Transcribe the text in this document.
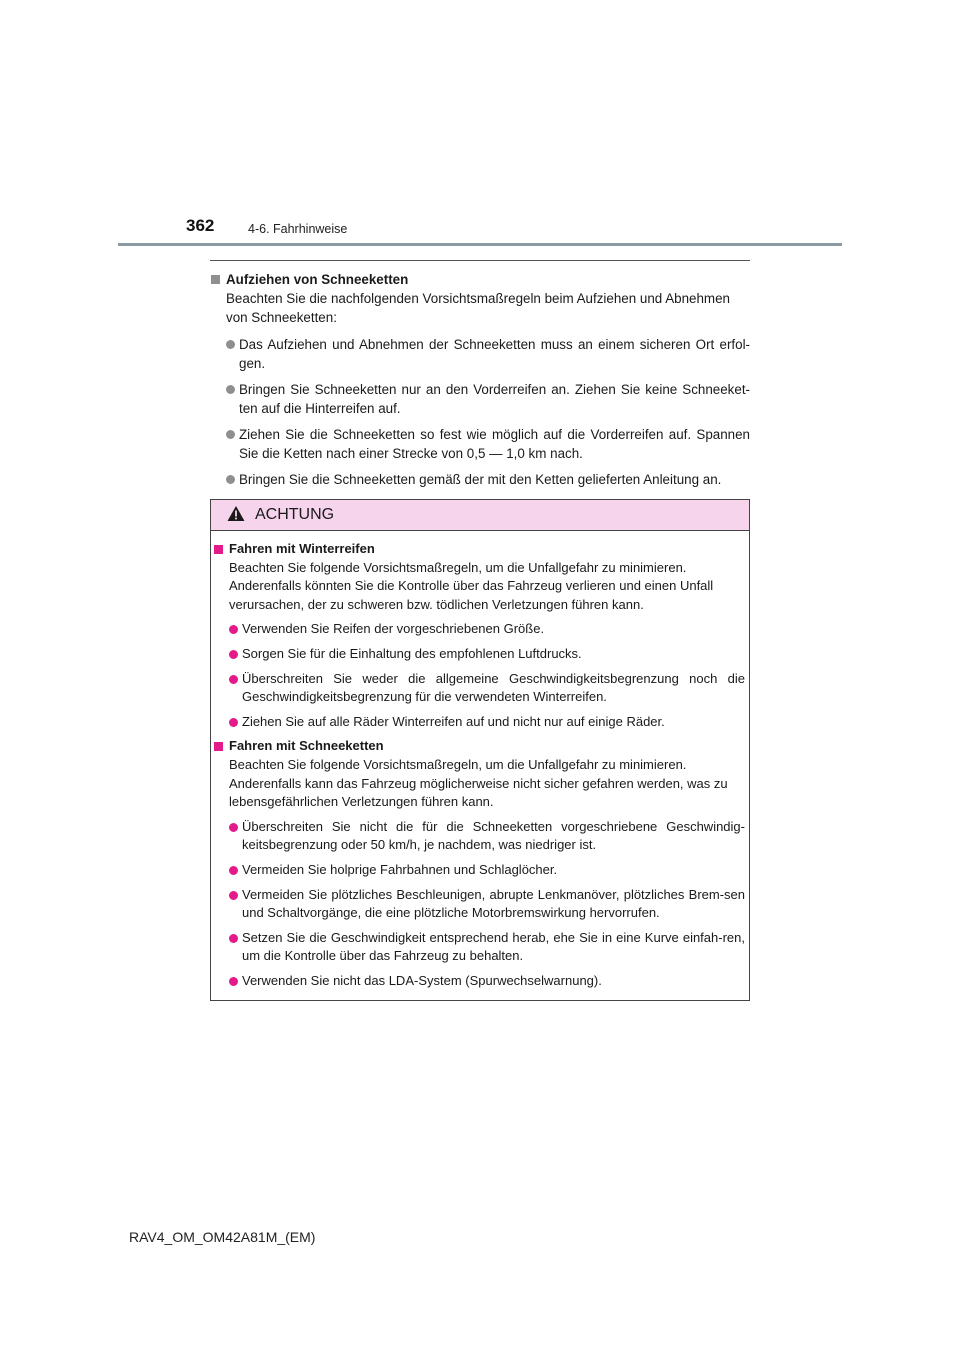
362	4-6. Fahrhinweise
Aufziehen von Schneeketten
Beachten Sie die nachfolgenden Vorsichtsmaßregeln beim Aufziehen und Abnehmen von Schneeketten:
Das Aufziehen und Abnehmen der Schneeketten muss an einem sicheren Ort erfol-gen.
Bringen Sie Schneeketten nur an den Vorderreifen an. Ziehen Sie keine Schneeket-ten auf die Hinterreifen auf.
Ziehen Sie die Schneeketten so fest wie möglich auf die Vorderreifen auf. Spannen Sie die Ketten nach einer Strecke von 0,5 — 1,0 km nach.
Bringen Sie die Schneeketten gemäß der mit den Ketten gelieferten Anleitung an.
ACHTUNG
Fahren mit Winterreifen
Beachten Sie folgende Vorsichtsmaßregeln, um die Unfallgefahr zu minimieren. Anderenfalls könnten Sie die Kontrolle über das Fahrzeug verlieren und einen Unfall verursachen, der zu schweren bzw. tödlichen Verletzungen führen kann.
Verwenden Sie Reifen der vorgeschriebenen Größe.
Sorgen Sie für die Einhaltung des empfohlenen Luftdrucks.
Überschreiten Sie weder die allgemeine Geschwindigkeitsbegrenzung noch die Geschwindigkeitsbegrenzung für die verwendeten Winterreifen.
Ziehen Sie auf alle Räder Winterreifen auf und nicht nur auf einige Räder.
Fahren mit Schneeketten
Beachten Sie folgende Vorsichtsmaßregeln, um die Unfallgefahr zu minimieren. Anderenfalls kann das Fahrzeug möglicherweise nicht sicher gefahren werden, was zu lebensgefährlichen Verletzungen führen kann.
Überschreiten Sie nicht die für die Schneeketten vorgeschriebene Geschwindig-keitsbegrenzung oder 50 km/h, je nachdem, was niedriger ist.
Vermeiden Sie holprige Fahrbahnen und Schlaglöcher.
Vermeiden Sie plötzliches Beschleunigen, abrupte Lenkmanöver, plötzliches Brem-sen und Schaltvorgänge, die eine plötzliche Motorbremswirkung hervorrufen.
Setzen Sie die Geschwindigkeit entsprechend herab, ehe Sie in eine Kurve einfah-ren, um die Kontrolle über das Fahrzeug zu behalten.
Verwenden Sie nicht das LDA-System (Spurwechselwarnung).
RAV4_OM_OM42A81M_(EM)
